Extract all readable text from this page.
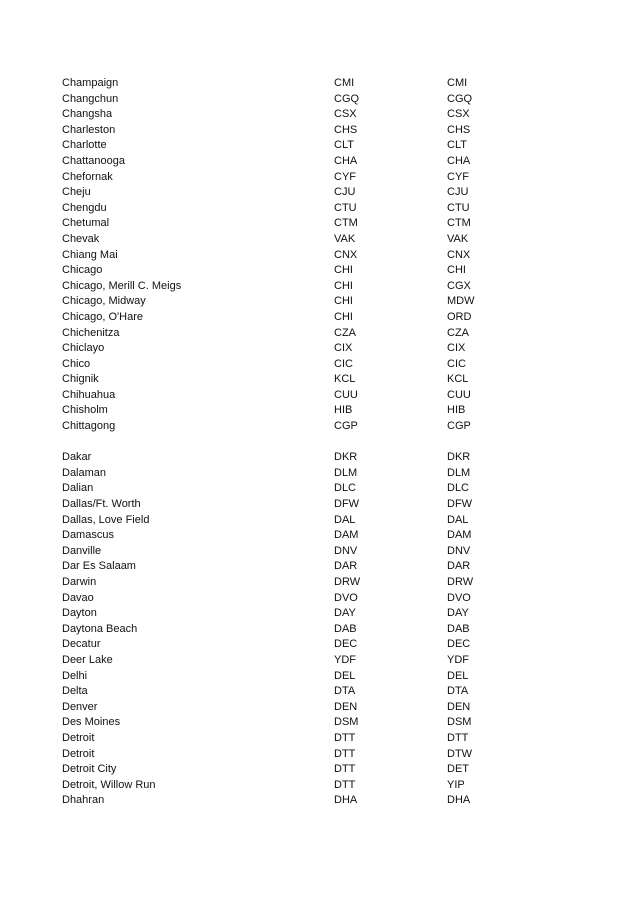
Champaign	CMI	CMI
Changchun	CGQ	CGQ
Changsha	CSX	CSX
Charleston	CHS	CHS
Charlotte	CLT	CLT
Chattanooga	CHA	CHA
Chefornak	CYF	CYF
Cheju	CJU	CJU
Chengdu	CTU	CTU
Chetumal	CTM	CTM
Chevak	VAK	VAK
Chiang Mai	CNX	CNX
Chicago	CHI	CHI
Chicago, Merill C. Meigs	CHI	CGX
Chicago, Midway	CHI	MDW
Chicago, O'Hare	CHI	ORD
Chichenitza	CZA	CZA
Chiclayo	CIX	CIX
Chico	CIC	CIC
Chignik	KCL	KCL
Chihuahua	CUU	CUU
Chisholm	HIB	HIB
Chittagong	CGP	CGP
Dakar	DKR	DKR
Dalaman	DLM	DLM
Dalian	DLC	DLC
Dallas/Ft. Worth	DFW	DFW
Dallas, Love Field	DAL	DAL
Damascus	DAM	DAM
Danville	DNV	DNV
Dar Es Salaam	DAR	DAR
Darwin	DRW	DRW
Davao	DVO	DVO
Dayton	DAY	DAY
Daytona Beach	DAB	DAB
Decatur	DEC	DEC
Deer Lake	YDF	YDF
Delhi	DEL	DEL
Delta	DTA	DTA
Denver	DEN	DEN
Des Moines	DSM	DSM
Detroit	DTT	DTT
Detroit	DTT	DTW
Detroit City	DTT	DET
Detroit, Willow Run	DTT	YIP
Dhahran	DHA	DHA
